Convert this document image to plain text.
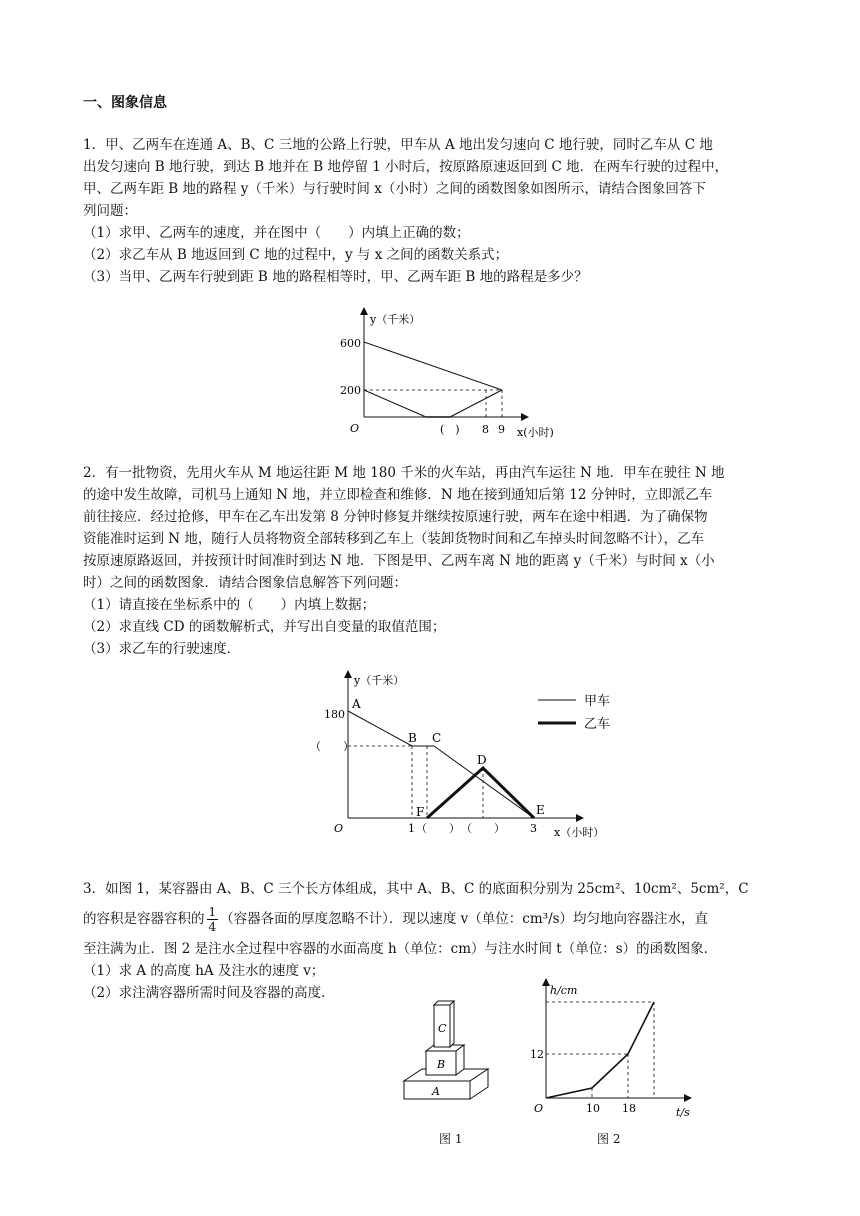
一、图象信息

1．甲、乙两车在连通 A、B、C 三地的公路上行驶，甲车从 A 地出发匀速向 C 地行驶，同时乙车从 C 地

出发匀速向 B 地行驶，到达 B 地并在 B 地停留 1 小时后，按原路原速返回到 C 地．在两车行驶的过程中，

甲、乙两车距 B 地的路程 y（千米）与行驶时间 x（小时）之间的函数图象如图所示，请结合图象回答下

列问题：

（1）求甲、乙两车的速度，并在图中（　　）内填上正确的数；

（2）求乙车从 B 地返回到 C 地的过程中，y 与 x 之间的函数关系式；

（3）当甲、乙两车行驶到距 B 地的路程相等时，甲、乙两车距 B 地的路程是多少？

y（千米）
600
200
O	(　) 8 9 x(小时)

2．有一批物资，先用火车从 M 地运往距 M 地 180 千米的火车站，再由汽车运往 N 地．甲车在驶往 N 地

的途中发生故障，司机马上通知 N 地，并立即检查和维修．N 地在接到通知后第 12 分钟时，立即派乙车

前往接应．经过抢修，甲车在乙车出发第 8 分钟时修复并继续按原速行驶，两车在途中相遇．为了确保物

资能准时运到 N 地，随行人员将物资全部转移到乙车上（装卸货物时间和乙车掉头时间忽略不计），乙车

按原速原路返回，并按预计时间准时到达 N 地．下图是甲、乙两车离 N 地的距离 y（千米）与时间 x（小

时）之间的函数图象．请结合图象信息解答下列问题：

（1）请直接在坐标系中的（　　）内填上数据；

（2）求直线 CD 的函数解析式，并写出自变量的取值范围；

（3）求乙车的行驶速度．

y（千米）
180
（　　）
O	1 （　　） （　　） 3 x（小时）
A
B C
D
E
F
甲车
乙车

3．如图 1，某容器由 A、B、C 三个长方体组成，其中 A、B、C 的底面积分别为 25cm²、10cm²、5cm²，C

的容积是容器容积的 $\frac{1}{4}$ （容器各面的厚度忽略不计）．现以速度 v（单位：cm³/s）均匀地向容器注水，直

至注满为止．图 2 是注水全过程中容器的水面高度 h（单位：cm）与注水时间 t（单位：s）的函数图象．

（1）求 A 的高度 hA 及注水的速度 v；

（2）求注满容器所需时间及容器的高度．

C
B
A
图 1
h/cm
12
O	10 18	t/s
图 2
